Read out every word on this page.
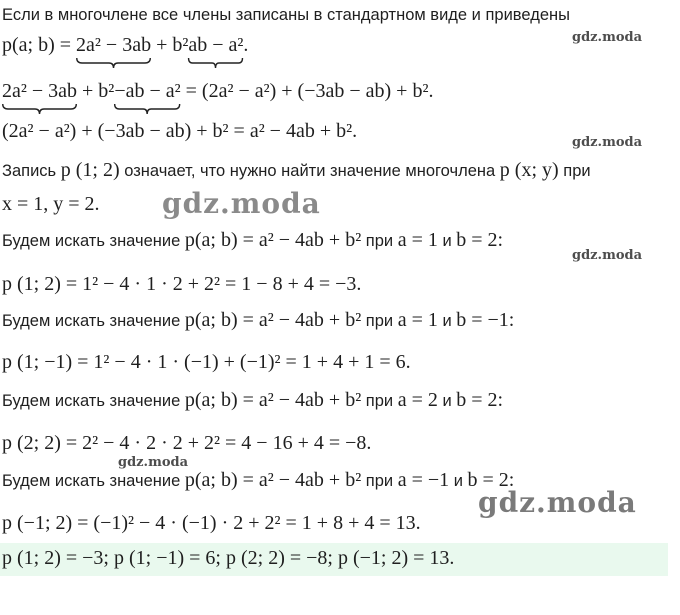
Если в многочлене все члены записаны в стандартном виде и приведены
p(a; b) = 2a² − 3ab
+ b²ab − a²
.
2a² − 3ab
+ b²−ab − a²
= (2a² − a²) + (−3ab − ab) + b².
(2a² − a²) + (−3ab − ab) + b² = a² − 4ab + b².
Запись p (1; 2) означает, что нужно найти значение многочлена p (x; y) при
x = 1, y = 2.
Будем искать значение p(a; b) = a² − 4ab + b² при a = 1 и b = 2:
p (1; 2) = 1² − 4 · 1 · 2 + 2² = 1 − 8 + 4 = −3.
Будем искать значение p(a; b) = a² − 4ab + b² при a = 1 и b = −1:
p (1; −1) = 1² − 4 · 1 · (−1) + (−1)² = 1 + 4 + 1 = 6.
Будем искать значение p(a; b) = a² − 4ab + b² при a = 2 и b = 2:
p (2; 2) = 2² − 4 · 2 · 2 + 2² = 4 − 16 + 4 = −8.
Будем искать значение p(a; b) = a² − 4ab + b² при a = −1 и b = 2:
p (−1; 2) = (−1)² − 4 · (−1) · 2 + 2² = 1 + 8 + 4 = 13.
p (1; 2) = −3; p (1; −1) = 6; p (2; 2) = −8; p (−1; 2) = 13.
gdz.moda
gdz.moda
gdz.moda
gdz.moda
gdz.moda
gdz.moda
